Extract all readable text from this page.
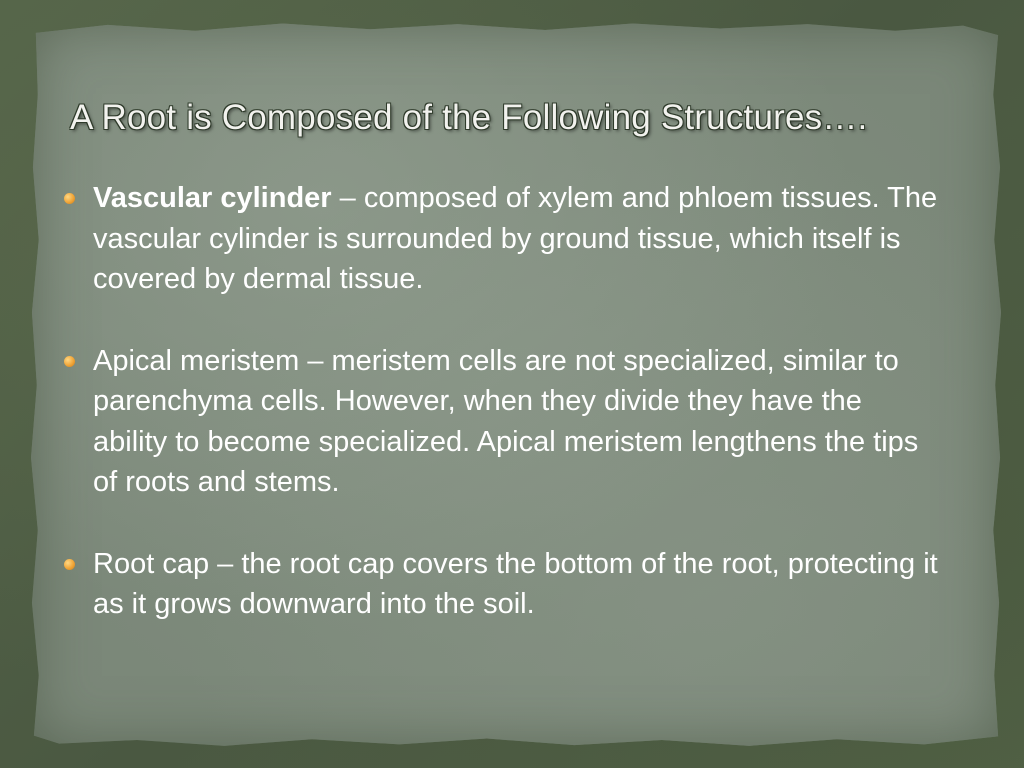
A Root is Composed of the Following Structures….
Vascular cylinder – composed of xylem and phloem tissues. The vascular cylinder is surrounded by ground tissue, which itself is covered by dermal tissue.
Apical meristem – meristem cells are not specialized, similar to parenchyma cells. However, when they divide they have the ability to become specialized. Apical meristem lengthens the tips of roots and stems.
Root cap – the root cap covers the bottom of the root, protecting it as it grows downward into the soil.
